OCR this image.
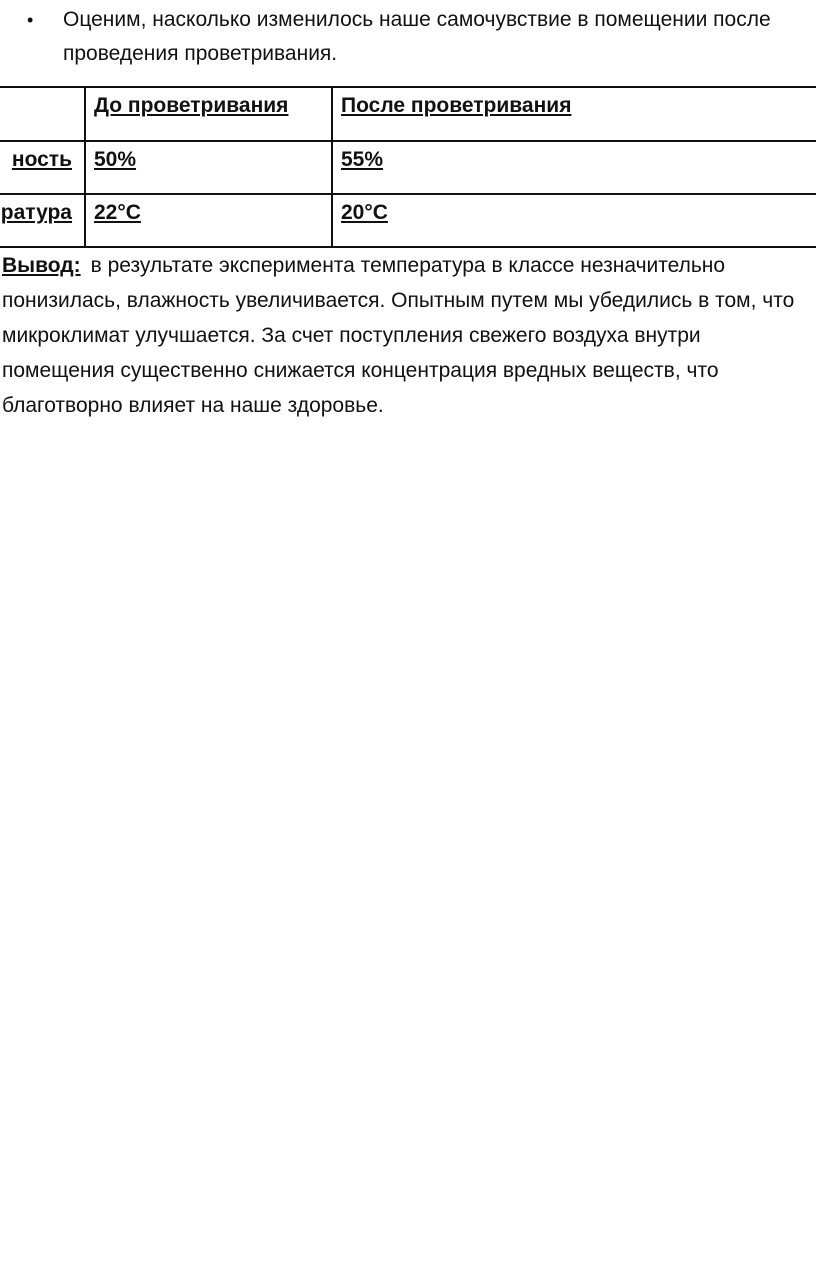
•	Оценим, насколько изменилось наше самочувствие в помещении после проведения проветривания.
	До проветривания	После проветривания
ность	50%	55%
ратура	22°С	20°С
Вывод: в результате эксперимента температура в классе незначительно понизилась, влажность увеличивается. Опытным путем мы убедились в том, что микроклимат улучшается. За счет поступления свежего воздуха внутри помещения существенно снижается концентрация вредных веществ, что благотворно влияет на наше здоровье.
